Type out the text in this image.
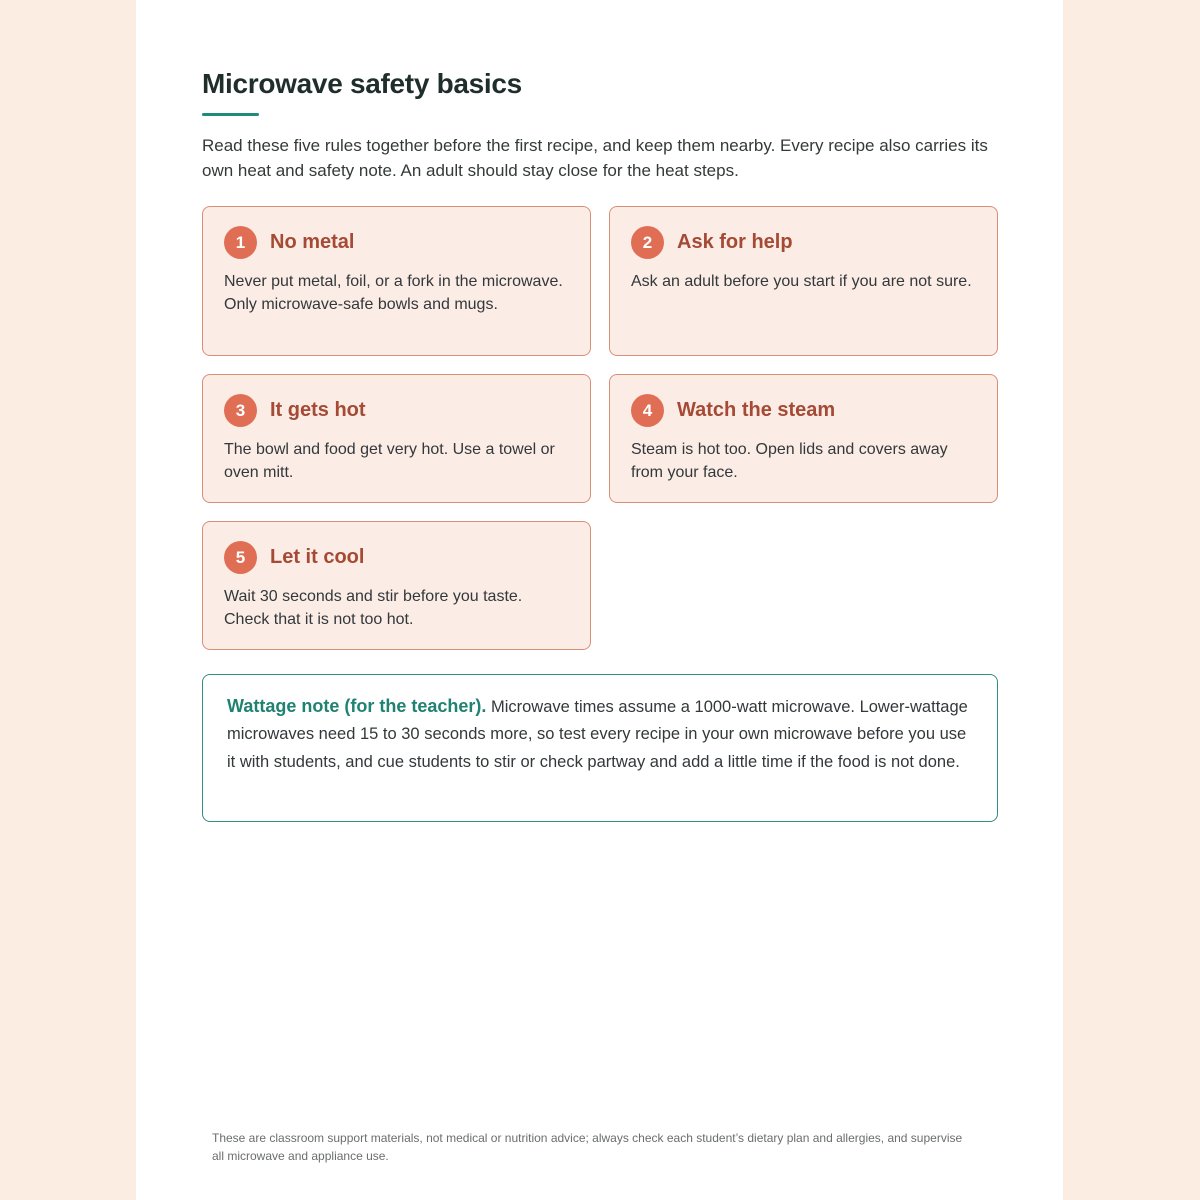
Microwave safety basics

Read these five rules together before the first recipe, and keep them nearby. Every recipe also carries its own heat and safety note. An adult should stay close for the heat steps.

1	No metal

Never put metal, foil, or a fork in the microwave. Only microwave-safe bowls and mugs.

2	Ask for help

Ask an adult before you start if you are not sure.

3	It gets hot

The bowl and food get very hot. Use a towel or oven mitt.

4	Watch the steam

Steam is hot too. Open lids and covers away from your face.

5	Let it cool

Wait 30 seconds and stir before you taste. Check that it is not too hot.

Wattage note (for the teacher). Microwave times assume a 1000-watt microwave. Lower-wattage microwaves need 15 to 30 seconds more, so test every recipe in your own microwave before you use it with students, and cue students to stir or check partway and add a little time if the food is not done.

These are classroom support materials, not medical or nutrition advice; always check each student’s dietary plan and allergies, and supervise all microwave and appliance use.
